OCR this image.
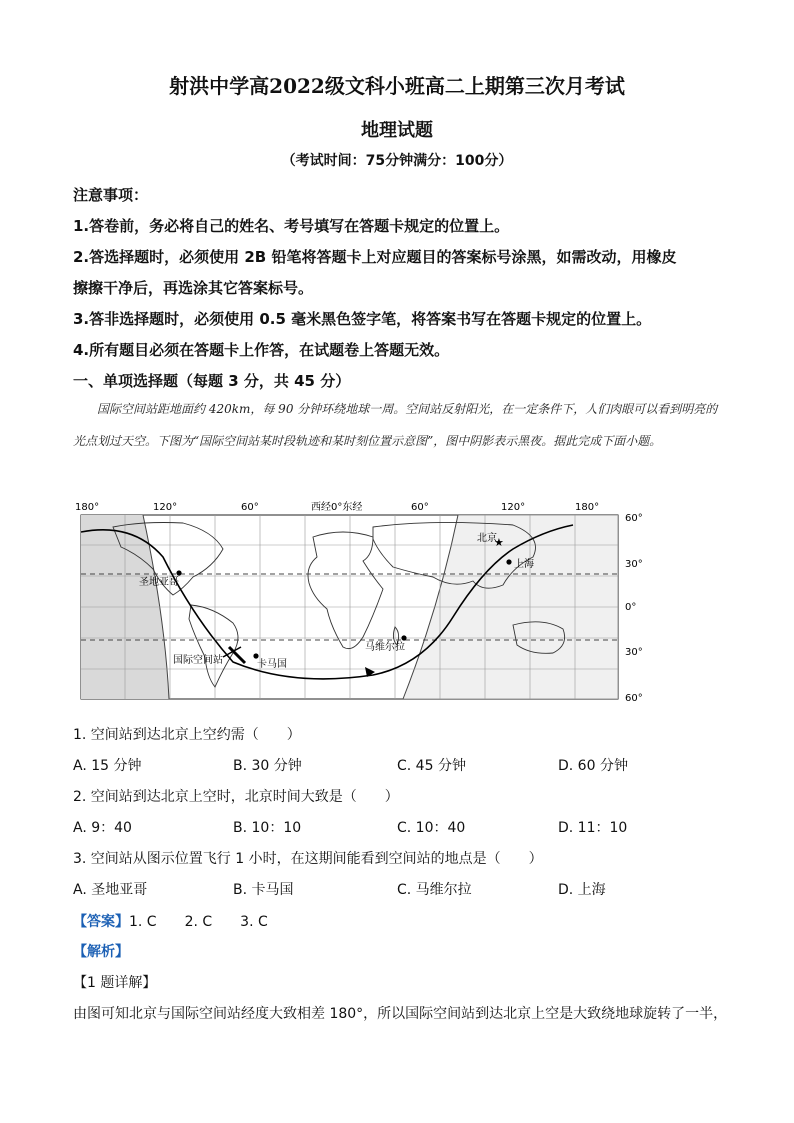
射洪中学高2022级文科小班高二上期第三次月考试
地理试题
（考试时间：75分钟满分：100分）
注意事项：
1.答卷前，务必将自己的姓名、考号填写在答题卡规定的位置上。
2.答选择题时，必须使用 2B 铅笔将答题卡上对应题目的答案标号涂黑，如需改动，用橡皮
擦擦干净后，再选涂其它答案标号。
3.答非选择题时，必须使用 0.5 毫米黑色签字笔，将答案书写在答题卡规定的位置上。
4.所有题目必须在答题卡上作答，在试题卷上答题无效。
一、单项选择题（每题 3 分，共 45 分）
国际空间站距地面约 420km，每 90 分钟环绕地球一周。空间站反射阳光，在一定条件下，人们肉眼可以看到明亮的光点划过天空。下图为“国际空间站某时段轨迹和某时刻位置示意图”，图中阴影表示黑夜。据此完成下面小题。
180°	120°	60°	西经0°东经	60°	120°	180°
★
北京
上海
圣地亚哥
国际空间站	卡马国
马维尔拉
60°
30°
0°
30°
60°
1. 空间站到达北京上空约需（　　）
A. 15 分钟	B. 30 分钟	C. 45 分钟	D. 60 分钟
2. 空间站到达北京上空时，北京时间大致是（　　）
A. 9：40	B. 10：10	C. 10：40	D. 11：10
3. 空间站从图示位置飞行 1 小时，在这期间能看到空间站的地点是（　　）
A. 圣地亚哥	B. 卡马国	C. 马维尔拉	D. 上海
【答案】1. C　　2. C　　3. C
【解析】
【1 题详解】
由图可知北京与国际空间站经度大致相差 180°，所以国际空间站到达北京上空是大致绕地球旋转了一半，
